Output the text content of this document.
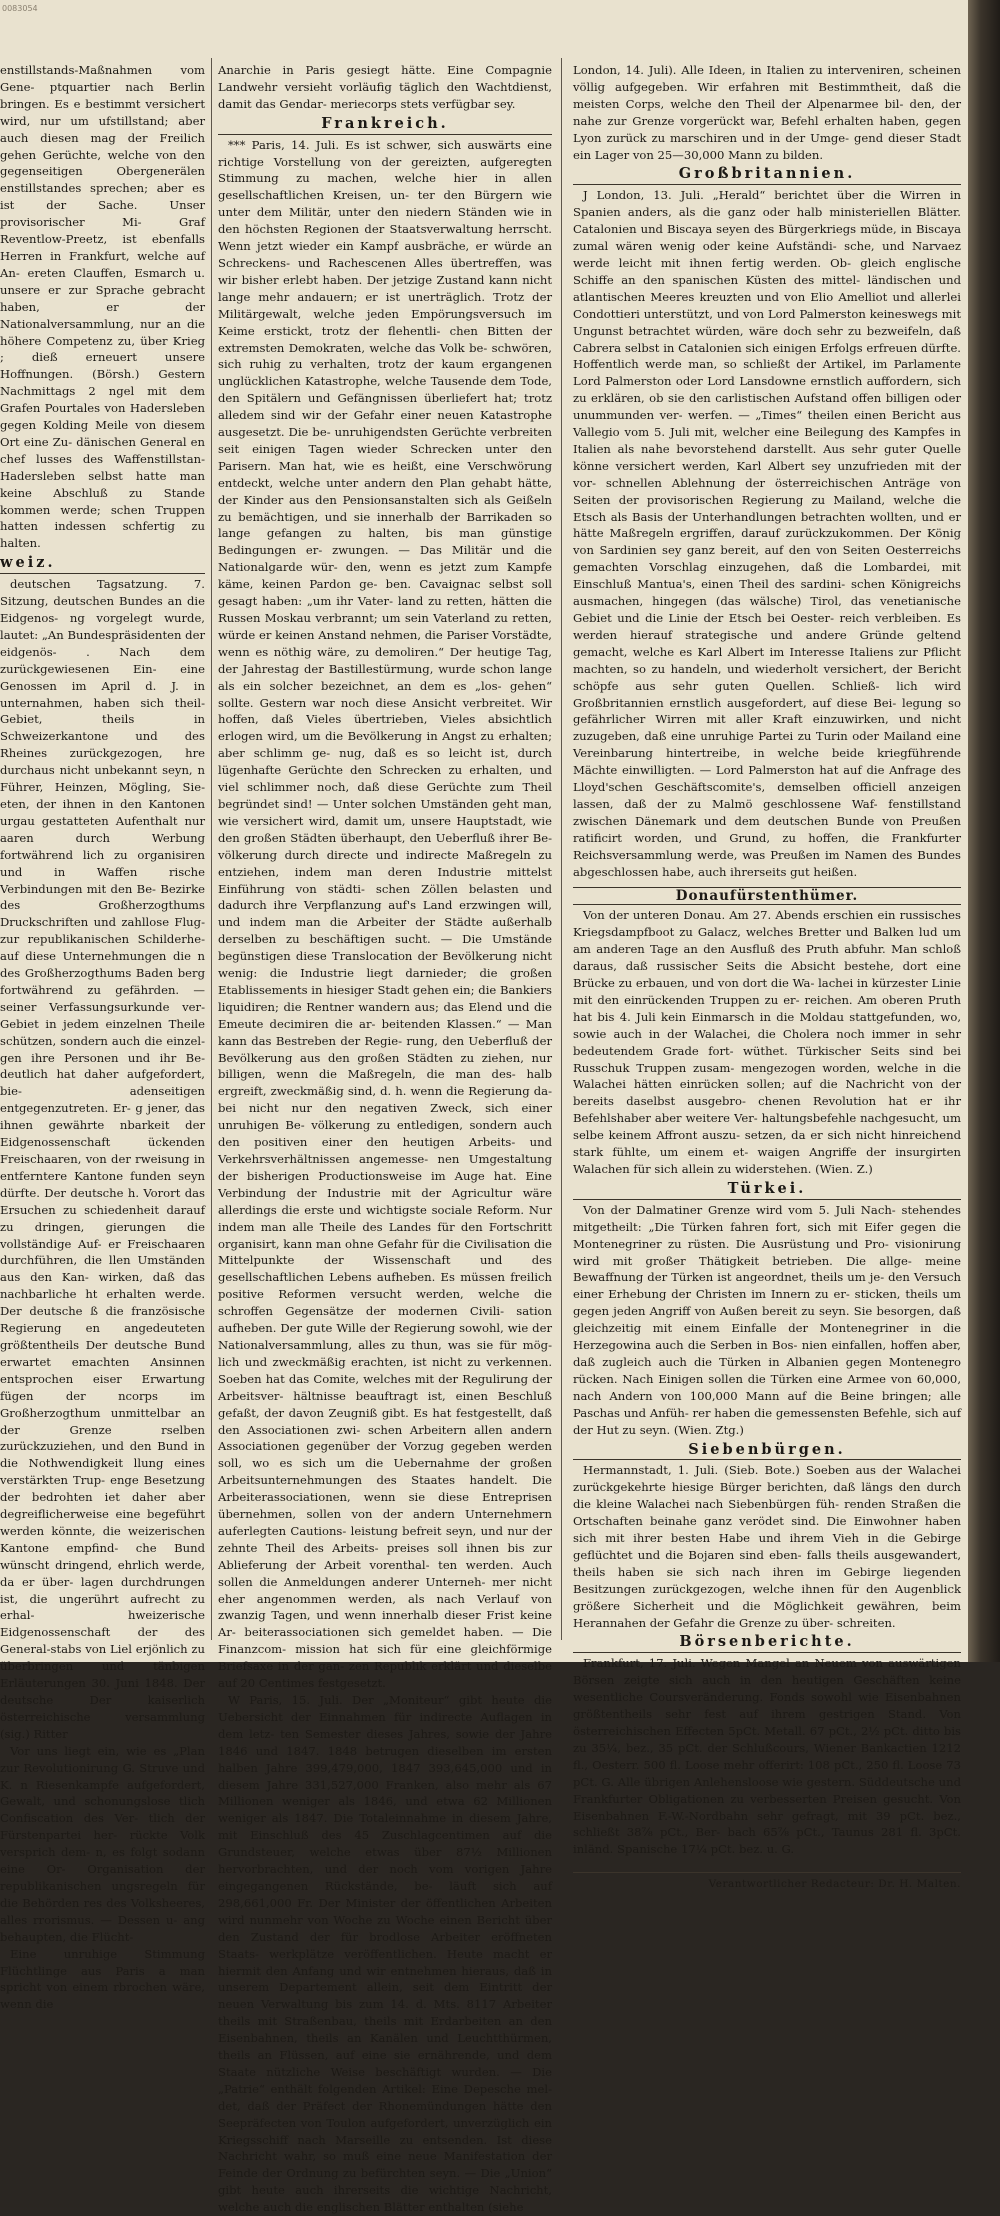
0083054

enstillstands-Maßnahmen vom Gene- ptquartier nach Berlin bringen. Es e bestimmt versichert wird, nur um ufstillstand; aber auch diesen mag der Freilich gehen Gerüchte, welche von den gegenseitigen Obergenerälen enstillstandes sprechen; aber es ist der Sache. Unser provisorischer Mi- Graf Reventlow-Preetz, ist ebenfalls Herren in Frankfurt, welche auf An- ereten Clauffen, Esmarch u. unsere er zur Sprache gebracht haben, er der Nationalversammlung, nur an die höhere Competenz zu, über Krieg ; dieß erneuert unsere Hoffnungen. (Börsh.) Gestern Nachmittags 2 ngel mit dem Grafen Pourtales von Hadersleben gegen Kolding Meile von diesem Ort eine Zu- dänischen General en chef lusses des Waffenstillstan- Hadersleben selbst hatte man keine Abschluß zu Stande kommen werde; schen Truppen hatten indessen schfertig zu halten.

weiz.

deutschen Tagsatzung. 7. Sitzung, deutschen Bundes an die Eidgenos- ng vorgelegt wurde, lautet: „An Bundespräsidenten der eidgenös- . Nach dem zurückgewiesenen Ein- eine Genossen im April d. J. in unternahmen, haben sich theil- Gebiet, theils in Schweizerkantone und des Rheines zurückgezogen, hre durchaus nicht unbekannt seyn, n Führer, Heinzen, Mögling, Sie- eten, der ihnen in den Kantonen urgau gestatteten Aufenthalt nur aaren durch Werbung fortwährend lich zu organisiren und in Waffen rische Verbindungen mit den Be- Bezirke des Großherzogthums Druckschriften und zahllose Flug- zur republikanischen Schilderhe- auf diese Unternehmungen die n des Großherzogthums Baden berg fortwährend zu gefährden. — seiner Verfassungsurkunde ver- Gebiet in jedem einzelnen Theile schützen, sondern auch die einzel- gen ihre Personen und ihr Be- deutlich hat daher aufgefordert, bie- adenseitigen entgegenzutreten. Er- g jener, das ihnen gewährte nbarkeit der Eidgenossenschaft ückenden Freischaaren, von der rweisung in entferntere Kantone funden seyn dürfte. Der deutsche h. Vorort das Ersuchen zu schiedenheit darauf zu dringen, gierungen die vollständige Auf- er Freischaaren durchführen, die llen Umständen aus den Kan- wirken, daß das nachbarliche ht erhalten werde. Der deutsche ß die französische Regierung en angedeuteten größtentheils Der deutsche Bund erwartet emachten Ansinnen entsprochen eiser Erwartung fügen der ncorps im Großherzogthum unmittelbar an der Grenze rselben zurückzuziehen, und den Bund in die Nothwendigkeit llung eines verstärkten Trup- enge Besetzung der bedrohten iet daher aber degreiflicherweise eine begeführt werden könnte, die weizerischen Kantone empfind- che Bund wünscht dringend, ehrlich werde, da er über- lagen durchdrungen ist, die ungerührt aufrecht zu erhal- hweizerische Eidgenossenschaft der des General-stabs von Liel erjönlich zu überbringen und tänbigen Erläuterungen 30. Juni 1848. Der deutsche Der kaiserlich österreichische versammlung (sig.) Ritter

Vor uns liegt ein, wie es „Plan zur Revolutionirung G. Struve und K. n Riesenkampfe aufgefordert, Gewalt, und schonungslose tlich Confiscation des Ver- tlich der Fürstenpartei her- rückte Volk versprich dem- n, es folgt sodann eine Or- Organisation der republikanischen ungsregeln für die Behörden res des Volksheeres, alles rrorismus. — Dessen u- ang behaupten, die Flücht-

Eine unruhige Stimmung Flüchtlinge aus Paris a man spricht von einem rbrochen wäre, wenn die

Anarchie in Paris gesiegt hätte. Eine Compagnie Landwehr versieht vorläufig täglich den Wachtdienst, damit das Gendar- meriecorps stets verfügbar sey.

Frankreich.

*** Paris, 14. Juli. Es ist schwer, sich auswärts eine richtige Vorstellung von der gereizten, aufgeregten Stimmung zu machen, welche hier in allen gesellschaftlichen Kreisen, un- ter den Bürgern wie unter dem Militär, unter den niedern Ständen wie in den höchsten Regionen der Staatsverwaltung herrscht. Wenn jetzt wieder ein Kampf ausbräche, er würde an Schreckens- und Rachescenen Alles übertreffen, was wir bisher erlebt haben. Der jetzige Zustand kann nicht lange mehr andauern; er ist unerträglich. Trotz der Militärgewalt, welche jeden Empörungsversuch im Keime erstickt, trotz der flehentli- chen Bitten der extremsten Demokraten, welche das Volk be- schwören, sich ruhig zu verhalten, trotz der kaum ergangenen unglücklichen Katastrophe, welche Tausende dem Tode, den Spitälern und Gefängnissen überliefert hat; trotz alledem sind wir der Gefahr einer neuen Katastrophe ausgesetzt. Die be- unruhigendsten Gerüchte verbreiten seit einigen Tagen wieder Schrecken unter den Parisern. Man hat, wie es heißt, eine Verschwörung entdeckt, welche unter andern den Plan gehabt hätte, der Kinder aus den Pensionsanstalten sich als Geißeln zu bemächtigen, und sie innerhalb der Barrikaden so lange gefangen zu halten, bis man günstige Bedingungen er- zwungen. — Das Militär und die Nationalgarde wür- den, wenn es jetzt zum Kampfe käme, keinen Pardon ge- ben. Cavaignac selbst soll gesagt haben: „um ihr Vater- land zu retten, hätten die Russen Moskau verbrannt; um sein Vaterland zu retten, würde er keinen Anstand nehmen, die Pariser Vorstädte, wenn es nöthig wäre, zu demoliren.“ Der heutige Tag, der Jahrestag der Bastillestürmung, wurde schon lange als ein solcher bezeichnet, an dem es „los- gehen“ sollte. Gestern war noch diese Ansicht verbreitet. Wir hoffen, daß Vieles übertrieben, Vieles absichtlich erlogen wird, um die Bevölkerung in Angst zu erhalten; aber schlimm ge- nug, daß es so leicht ist, durch lügenhafte Gerüchte den Schrecken zu erhalten, und viel schlimmer noch, daß diese Gerüchte zum Theil begründet sind! — Unter solchen Umständen geht man, wie versichert wird, damit um, unsere Hauptstadt, wie den großen Städten überhaupt, den Ueberfluß ihrer Be- völkerung durch directe und indirecte Maßregeln zu entziehen, indem man deren Industrie mittelst Einführung von städti- schen Zöllen belasten und dadurch ihre Verpflanzung auf's Land erzwingen will, und indem man die Arbeiter der Städte außerhalb derselben zu beschäftigen sucht. — Die Umstände begünstigen diese Translocation der Bevölkerung nicht wenig: die Industrie liegt darnieder; die großen Etablissements in hiesiger Stadt gehen ein; die Bankiers liquidiren; die Rentner wandern aus; das Elend und die Emeute decimiren die ar- beitenden Klassen.“ — Man kann das Bestreben der Regie- rung, den Ueberfluß der Bevölkerung aus den großen Städten zu ziehen, nur billigen, wenn die Maßregeln, die man des- halb ergreift, zweckmäßig sind, d. h. wenn die Regierung da- bei nicht nur den negativen Zweck, sich einer unruhigen Be- völkerung zu entledigen, sondern auch den positiven einer den heutigen Arbeits- und Verkehrsverhältnissen angemesse- nen Umgestaltung der bisherigen Productionsweise im Auge hat. Eine Verbindung der Industrie mit der Agricultur wäre allerdings die erste und wichtigste sociale Reform. Nur indem man alle Theile des Landes für den Fortschritt organisirt, kann man ohne Gefahr für die Civilisation die Mittelpunkte der Wissenschaft und des gesellschaftlichen Lebens aufheben. Es müssen freilich positive Reformen versucht werden, welche die schroffen Gegensätze der modernen Civili- sation aufheben. Der gute Wille der Regierung sowohl, wie der Nationalversammlung, alles zu thun, was sie für mög- lich und zweckmäßig erachten, ist nicht zu verkennen. Soeben hat das Comite, welches mit der Regulirung der Arbeitsver- hältnisse beauftragt ist, einen Beschluß gefaßt, der davon Zeugniß gibt. Es hat festgestellt, daß den Associationen zwi- schen Arbeitern allen andern Associationen gegenüber der Vorzug gegeben werden soll, wo es sich um die Uebernahme der großen Arbeitsunternehmungen des Staates handelt. Die Arbeiterassociationen, wenn sie diese Entreprisen übernehmen, sollen von der andern Unternehmern auferlegten Cautions- leistung befreit seyn, und nur der zehnte Theil des Arbeits- preises soll ihnen bis zur Ablieferung der Arbeit vorenthal- ten werden. Auch sollen die Anmeldungen anderer Unterneh- mer nicht eher angenommen werden, als nach Verlauf von zwanzig Tagen, und wenn innerhalb dieser Frist keine Ar- beiterassociationen sich gemeldet haben. — Die Finanzcom- mission hat sich für eine gleichförmige Briefsaxe in der gan- zen Republik erklärt und dieselbe auf 20 Centimes festgesetzt.

W Paris, 15. Juli. Der „Moniteur“ gibt heute die Uebersicht der Einnahmen für indirecte Auflagen in dem letz- ten Semester dieses Jahres, sowie der Jahre 1846 und 1847. 1848 betrugen dieselben im ersten halben Jahre 399,479,000, 1847 393,645,000 und in diesem Jahre 331,527,000 Franken, also mehr als 67 Millionen weniger als 1846, und etwa 62 Millionen weniger als 1847. Die Totaleinnahme in diesem Jahre, mit Einschluß des 45 Zuschlagcentimen auf die Grundsteuer, welche etwas über 87½ Millionen hervorbrachten, und der noch vom vorigen Jahre eingegangenen Rückstände, be- läuft sich auf 298,661,000 Fr. Der Minister der öffentlichen Arbeiten wird nunmehr von Woche zu Woche einen Bericht über den Zustand der für brodlose Arbeiter eröffneten Staats- werkplätze veröffentlichen. Heute macht er hiermit den Anfang und wir entnehmen hieraus, daß in unserem Departement allein, seit dem Eintritt der neuen Verwaltung bis zum 14. d. Mts. 8117 Arbeiter theils mit Straßenbau, theils mit Erdarbeiten an den Eisenbahnen, theils an Kanälen und Leuchtthürmen, theils an Flüssen, auf eine sie ernährende, und dem Staate nützliche Weise beschäftigt wurden. — Die „Patrie“ enthält folgenden Artikel: Eine Depesche mel- det, daß der Präfect der Rhonemündungen hätte den Seepräfecten von Toulon aufgefordert, unverzüglich ein Kriegsschiff nach Marseille zu entsenden. Ist diese Nachricht wahr, so muß eine neue Manifestation der Feinde der Ordnung zu befürchten seyn. — Die „Union“ gibt heute auch ihrerseits die wichtige Nachricht, welche auch die englischen Blätter enthalten (siehe

London, 14. Juli). Alle Ideen, in Italien zu interveniren, scheinen völlig aufgegeben. Wir erfahren mit Bestimmtheit, daß die meisten Corps, welche den Theil der Alpenarmee bil- den, der nahe zur Grenze vorgerückt war, Befehl erhalten haben, gegen Lyon zurück zu marschiren und in der Umge- gend dieser Stadt ein Lager von 25—30,000 Mann zu bilden.

Großbritannien.

J London, 13. Juli. „Herald“ berichtet über die Wirren in Spanien anders, als die ganz oder halb ministeriellen Blätter. Catalonien und Biscaya seyen des Bürgerkriegs müde, in Biscaya zumal wären wenig oder keine Aufständi- sche, und Narvaez werde leicht mit ihnen fertig werden. Ob- gleich englische Schiffe an den spanischen Küsten des mittel- ländischen und atlantischen Meeres kreuzten und von Elio Amelliot und allerlei Condottieri unterstützt, und von Lord Palmerston keineswegs mit Ungunst betrachtet würden, wäre doch sehr zu bezweifeln, daß Cabrera selbst in Catalonien sich einigen Erfolgs erfreuen dürfte. Hoffentlich werde man, so schließt der Artikel, im Parlamente Lord Palmerston oder Lord Lansdowne ernstlich auffordern, sich zu erklären, ob sie den carlistischen Aufstand offen billigen oder unummunden ver- werfen. — „Times“ theilen einen Bericht aus Vallegio vom 5. Juli mit, welcher eine Beilegung des Kampfes in Italien als nahe bevorstehend darstellt. Aus sehr guter Quelle könne versichert werden, Karl Albert sey unzufrieden mit der vor- schnellen Ablehnung der österreichischen Anträge von Seiten der provisorischen Regierung zu Mailand, welche die Etsch als Basis der Unterhandlungen betrachten wollten, und er hätte Maßregeln ergriffen, darauf zurückzukommen. Der König von Sardinien sey ganz bereit, auf den von Seiten Oesterreichs gemachten Vorschlag einzugehen, daß die Lombardei, mit Einschluß Mantua's, einen Theil des sardini- schen Königreichs ausmachen, hingegen (das wälsche) Tirol, das venetianische Gebiet und die Linie der Etsch bei Oester- reich verbleiben. Es werden hierauf strategische und andere Gründe geltend gemacht, welche es Karl Albert im Interesse Italiens zur Pflicht machten, so zu handeln, und wiederholt versichert, der Bericht schöpfe aus sehr guten Quellen. Schließ- lich wird Großbritannien ernstlich ausgefordert, auf diese Bei- legung so gefährlicher Wirren mit aller Kraft einzuwirken, und nicht zuzugeben, daß eine unruhige Partei zu Turin oder Mailand eine Vereinbarung hintertreibe, in welche beide kriegführende Mächte einwilligten. — Lord Palmerston hat auf die Anfrage des Lloyd'schen Geschäftscomite's, demselben officiell anzeigen lassen, daß der zu Malmö geschlossene Waf- fenstillstand zwischen Dänemark und dem deutschen Bunde von Preußen ratificirt worden, und Grund, zu hoffen, die Frankfurter Reichsversammlung werde, was Preußen im Namen des Bundes abgeschlossen habe, auch ihrerseits gut heißen.

Donaufürstenthümer.

Von der unteren Donau. Am 27. Abends erschien ein russisches Kriegsdampfboot zu Galacz, welches Bretter und Balken lud um am anderen Tage an den Ausfluß des Pruth abfuhr. Man schloß daraus, daß russischer Seits die Absicht bestehe, dort eine Brücke zu erbauen, und von dort die Wa- lachei in kürzester Linie mit den einrückenden Truppen zu er- reichen. Am oberen Pruth hat bis 4. Juli kein Einmarsch in die Moldau stattgefunden, wo, sowie auch in der Walachei, die Cholera noch immer in sehr bedeutendem Grade fort- wüthet. Türkischer Seits sind bei Russchuk Truppen zusam- mengezogen worden, welche in die Walachei hätten einrücken sollen; auf die Nachricht von der bereits daselbst ausgebro- chenen Revolution hat er ihr Befehlshaber aber weitere Ver- haltungsbefehle nachgesucht, um selbe keinem Affront auszu- setzen, da er sich nicht hinreichend stark fühlte, um einem et- waigen Angriffe der insurgirten Walachen für sich allein zu widerstehen. (Wien. Z.)

Türkei.

Von der Dalmatiner Grenze wird vom 5. Juli Nach- stehendes mitgetheilt: „Die Türken fahren fort, sich mit Eifer gegen die Montenegriner zu rüsten. Die Ausrüstung und Pro- visionirung wird mit großer Thätigkeit betrieben. Die allge- meine Bewaffnung der Türken ist angeordnet, theils um je- den Versuch einer Erhebung der Christen im Innern zu er- sticken, theils um gegen jeden Angriff von Außen bereit zu seyn. Sie besorgen, daß gleichzeitig mit einem Einfalle der Montenegriner in die Herzegowina auch die Serben in Bos- nien einfallen, hoffen aber, daß zugleich auch die Türken in Albanien gegen Montenegro rücken. Nach Einigen sollen die Türken eine Armee von 60,000, nach Andern von 100,000 Mann auf die Beine bringen; alle Paschas und Anfüh- rer haben die gemessensten Befehle, sich auf der Hut zu seyn. (Wien. Ztg.)

Siebenbürgen.

Hermannstadt, 1. Juli. (Sieb. Bote.) Soeben aus der Walachei zurückgekehrte hiesige Bürger berichten, daß längs den durch die kleine Walachei nach Siebenbürgen füh- renden Straßen die Ortschaften beinahe ganz verödet sind. Die Einwohner haben sich mit ihrer besten Habe und ihrem Vieh in die Gebirge geflüchtet und die Bojaren sind eben- falls theils ausgewandert, theils haben sie sich nach ihren im Gebirge liegenden Besitzungen zurückgezogen, welche ihnen für den Augenblick größere Sicherheit und die Möglichkeit gewähren, beim Herannahen der Gefahr die Grenze zu über- schreiten.

Börsenberichte.

Frankfurt, 17. Juli. Wegen Mangel an Neuem von auswärtigen Börsen zeigte sich auch in den heutigen Geschäften keine wesentliche Coursveränderung. Fonds sowohl wie Eisenbahnen größtentheils sehr fest auf ihrem gestrigen Stand. Von österreichischen Effecten 5pCt. Metall. 67 pCt., 2½ pCt. ditto bis zu 35¼, bez., 35 pCt. der Schlußcours, Wiener Bankactien 1212 fl., Oesterr. 500 fl. Loose mehr offerirt: 108 pCt., 250 fl. Loose 73 pCt. G. Alle übrigen Anlehensloose wie gestern. Süddeutsche und Frankfurter Obligationen zu verbesserten Preisen gesucht. Von Eisenbahnen F.-W.-Nordbahn sehr gefragt, mit 39 pCt. bez., schließt 38⅞ pCt., Ber- bach 65⅞ pCt., Taunus 281 fl. 3pCt. inländ. Spanische 17¼ pCt. bez. u. G.

Verantwortlicher Redacteur: Dr. H. Malten.
